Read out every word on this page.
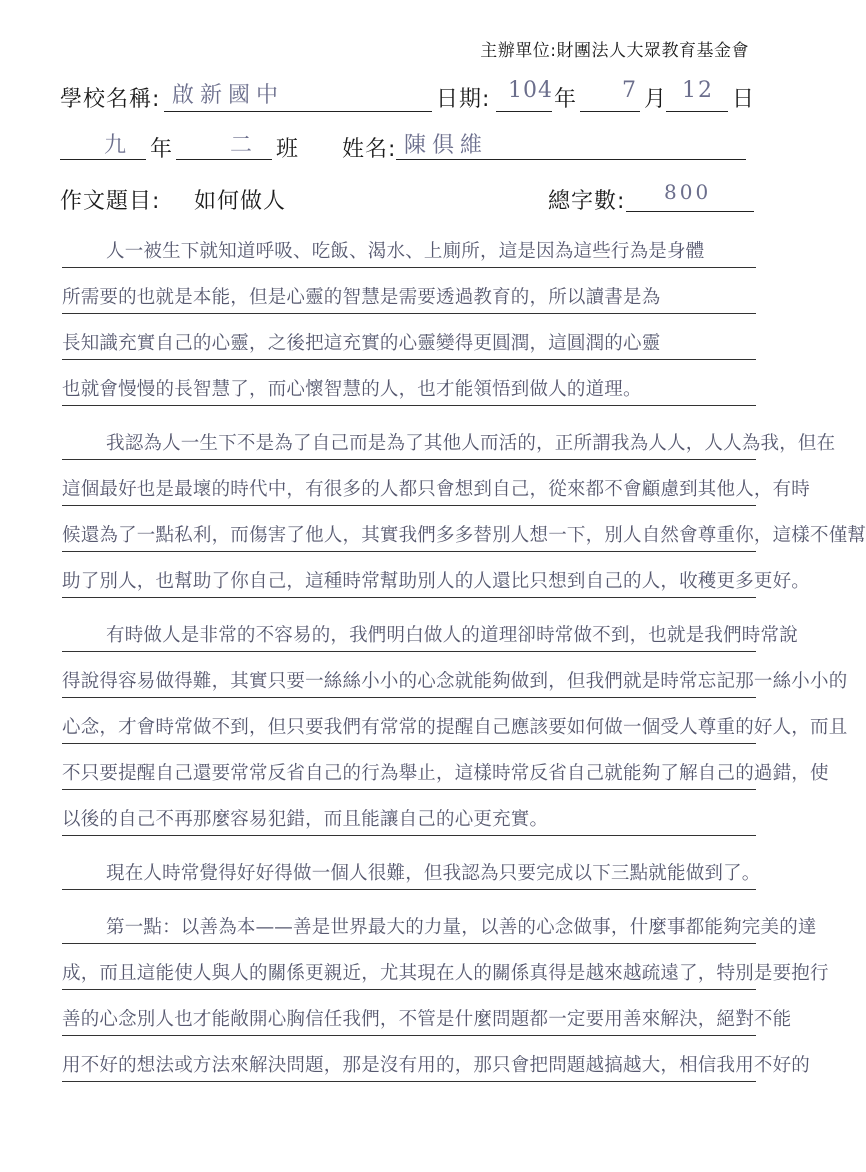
主辦單位:財團法人大眾教育基金會
學校名稱: 啟新國中	日期: 104 年 7 月 12 日
九 年	二 班 姓名: 陳俱維
作文題目: 如何做人	總字數: 800
人一被生下就知道呼吸、吃飯、渴水、上廁所，這是因為這些行為是身體
所需要的也就是本能，但是心靈的智慧是需要透過教育的，所以讀書是為
長知識充實自己的心靈，之後把這充實的心靈變得更圓潤，這圓潤的心靈
也就會慢慢的長智慧了，而心懷智慧的人，也才能領悟到做人的道理。
我認為人一生下不是為了自己而是為了其他人而活的，正所謂我為人人，人人為我，但在
這個最好也是最壞的時代中，有很多的人都只會想到自己，從來都不會顧慮到其他人，有時
候還為了一點私利，而傷害了他人，其實我們多多替別人想一下，別人自然會尊重你，這樣不僅幫
助了別人，也幫助了你自己，這種時常幫助別人的人還比只想到自己的人，收穫更多更好。
有時做人是非常的不容易的，我們明白做人的道理卻時常做不到，也就是我們時常說
得說得容易做得難，其實只要一絲絲小小的心念就能夠做到，但我們就是時常忘記那一絲小小的
心念，才會時常做不到，但只要我們有常常的提醒自己應該要如何做一個受人尊重的好人，而且
不只要提醒自己還要常常反省自己的行為舉止，這樣時常反省自己就能夠了解自己的過錯，使
以後的自己不再那麼容易犯錯，而且能讓自己的心更充實。
現在人時常覺得好好得做一個人很難，但我認為只要完成以下三點就能做到了。
第一點：以善為本——善是世界最大的力量，以善的心念做事，什麼事都能夠完美的達
成，而且這能使人與人的關係更親近，尤其現在人的關係真得是越來越疏遠了，特別是要抱行
善的心念別人也才能敞開心胸信任我們，不管是什麼問題都一定要用善來解決，絕對不能
用不好的想法或方法來解決問題，那是沒有用的，那只會把問題越搞越大，相信我用不好的
